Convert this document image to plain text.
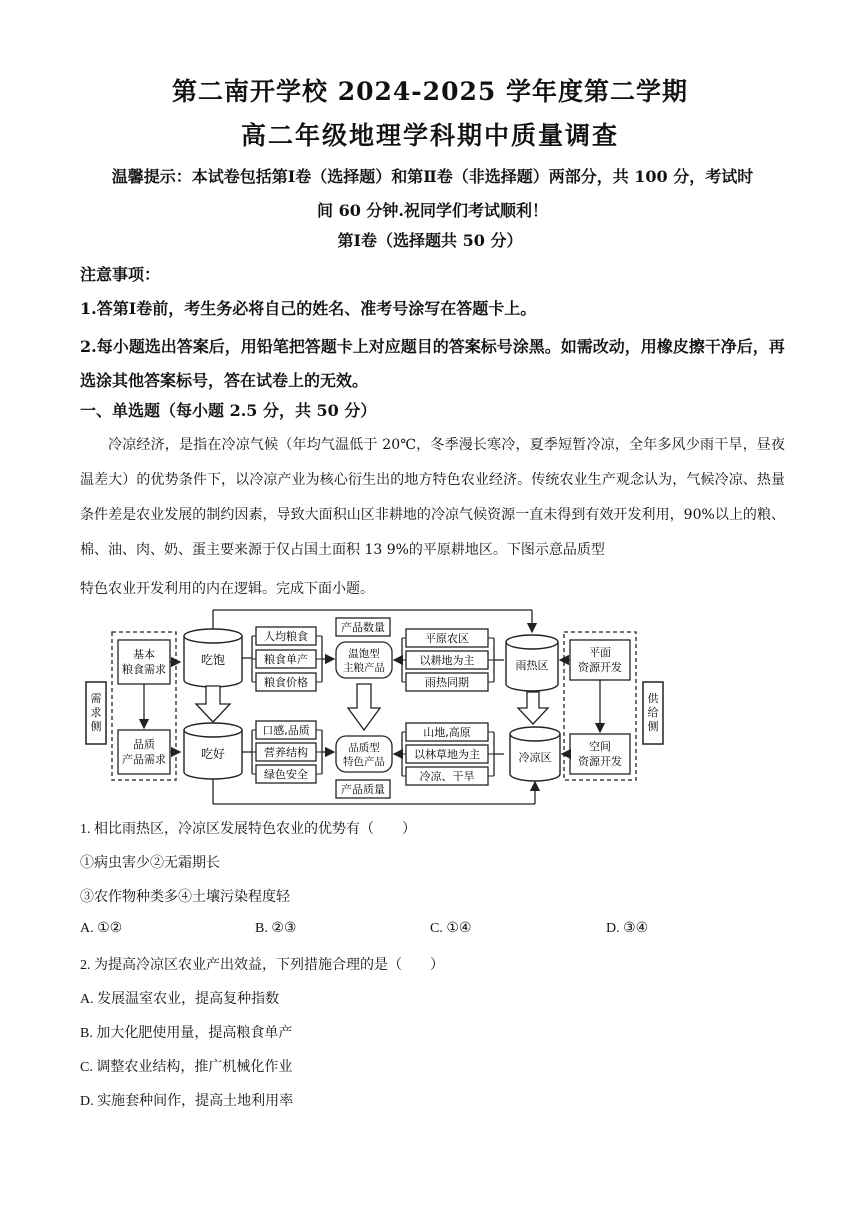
第二南开学校 2024-2025 学年度第二学期
高二年级地理学科期中质量调查
温馨提示：本试卷包括第Ⅰ卷（选择题）和第Ⅱ卷（非选择题）两部分，共 100 分，考试时
间 60 分钟.祝同学们考试顺利！
第Ⅰ卷（选择题共 50 分）
注意事项：
1.答第Ⅰ卷前，考生务必将自己的姓名、准考号涂写在答题卡上。
2.每小题选出答案后，用铅笔把答题卡上对应题目的答案标号涂黑。如需改动，用橡皮擦干净后，再选涂其他答案标号，答在试卷上的无效。
一、单选题（每小题 2.5 分，共 50 分）
冷凉经济，是指在冷凉气候（年均气温低于 20℃，冬季漫长寒冷，夏季短暂冷凉，全年多风少雨干旱，昼夜温差大）的优势条件下，以冷凉产业为核心衍生出的地方特色农业经济。传统农业生产观念认为，气候冷凉、热量条件差是农业发展的制约因素，导致大面积山区非耕地的冷凉气候资源一直未得到有效开发利用，90%以上的粮、棉、油、肉、奶、蛋主要来源于仅占国土面积 13 9%的平原耕地区。下图示意品质型
特色农业开发利用的内在逻辑。完成下面小题。
需
求
侧
供
给
侧
基本
粮食需求
品质
产品需求
平面
资源开发
空间
资源开发
吃饱
吃好
人均粮食
粮食单产
粮食价格
口感,品质
营养结构
绿色安全
产品数量
产品质量
温饱型
主粮产品
品质型
特色产品
平原农区
以耕地为主
雨热同期
山地,高原
以林草地为主
冷凉、干旱
雨热区
冷凉区
1. 相比雨热区，冷凉区发展特色农业的优势有（　　）
①病虫害少②无霜期长
③农作物种类多④土壤污染程度轻
A. ①②	B. ②③	C. ①④	D. ③④
2. 为提高冷凉区农业产出效益，下列措施合理的是（　　）
A. 发展温室农业，提高复种指数
B. 加大化肥使用量，提高粮食单产
C. 调整农业结构，推广机械化作业
D. 实施套种间作，提高土地利用率
